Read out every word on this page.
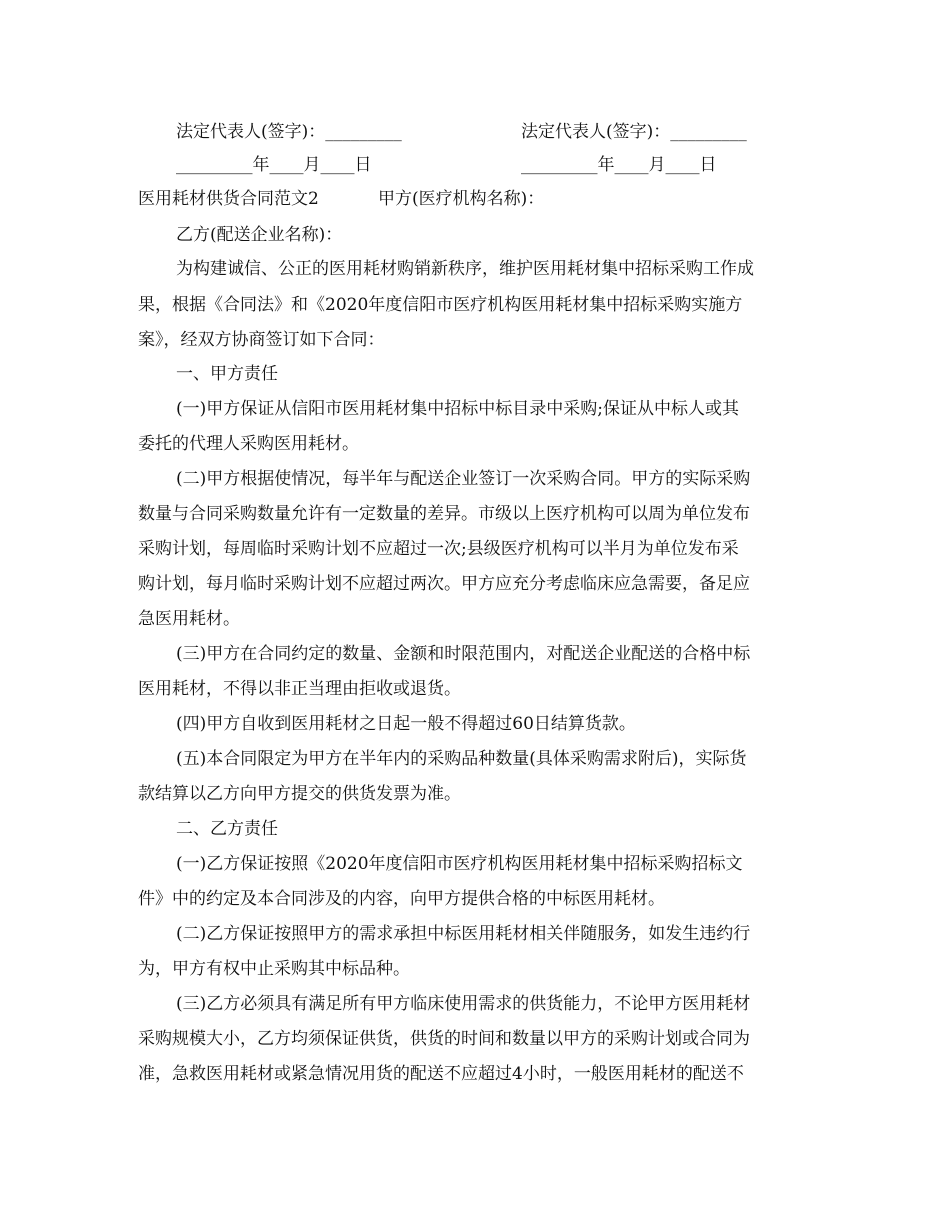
法定代表人(签字)：_________	法定代表人(签字)：_________
_________年____月____日	_________年____月____日
医用耗材供货合同范文2	甲方(医疗机构名称)：
乙方(配送企业名称)：
为构建诚信、公正的医用耗材购销新秩序，维护医用耗材集中招标采购工作成
果，根据《合同法》和《2020年度信阳市医疗机构医用耗材集中招标采购实施方
案》，经双方协商签订如下合同：
一、甲方责任
(一)甲方保证从信阳市医用耗材集中招标中标目录中采购;保证从中标人或其
委托的代理人采购医用耗材。
(二)甲方根据使情况，每半年与配送企业签订一次采购合同。甲方的实际采购
数量与合同采购数量允许有一定数量的差异。市级以上医疗机构可以周为单位发布
采购计划，每周临时采购计划不应超过一次;县级医疗机构可以半月为单位发布采
购计划，每月临时采购计划不应超过两次。甲方应充分考虑临床应急需要，备足应
急医用耗材。
(三)甲方在合同约定的数量、金额和时限范围内，对配送企业配送的合格中标
医用耗材，不得以非正当理由拒收或退货。
(四)甲方自收到医用耗材之日起一般不得超过60日结算货款。
(五)本合同限定为甲方在半年内的采购品种数量(具体采购需求附后)，实际货
款结算以乙方向甲方提交的供货发票为准。
二、乙方责任
(一)乙方保证按照《2020年度信阳市医疗机构医用耗材集中招标采购招标文
件》中的约定及本合同涉及的内容，向甲方提供合格的中标医用耗材。
(二)乙方保证按照甲方的需求承担中标医用耗材相关伴随服务，如发生违约行
为，甲方有权中止采购其中标品种。
(三)乙方必须具有满足所有甲方临床使用需求的供货能力，不论甲方医用耗材
采购规模大小，乙方均须保证供货，供货的时间和数量以甲方的采购计划或合同为
准，急救医用耗材或紧急情况用货的配送不应超过4小时，一般医用耗材的配送不
